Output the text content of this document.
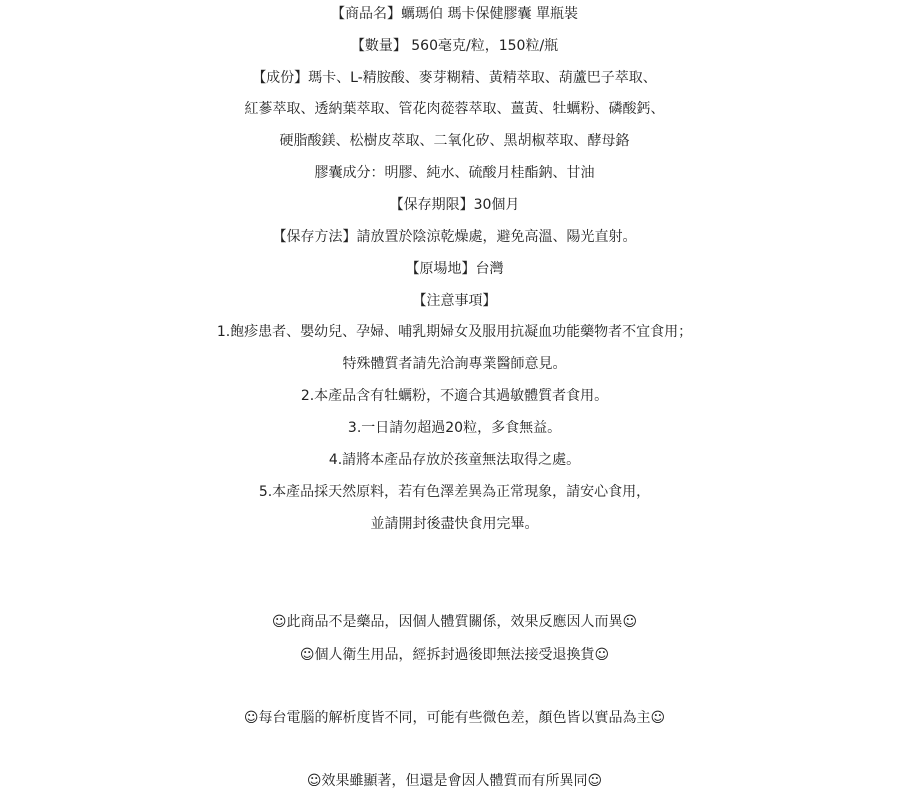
【商品名】蠣瑪伯 瑪卡保健膠囊 單瓶裝
【數量】 560毫克/粒，150粒/瓶
【成份】瑪卡、L-精胺酸、麥芽糊精、黃精萃取、葫蘆巴子萃取、
紅蔘萃取、透納葉萃取、管花肉蓯蓉萃取、薑黃、牡蠣粉、磷酸鈣、
硬脂酸鎂、松樹皮萃取、二氧化矽、黑胡椒萃取、酵母鉻
膠囊成分：明膠、純水、硫酸月桂酯鈉、甘油
【保存期限】30個月
【保存方法】請放置於陰涼乾燥處，避免高溫、陽光直射。
【原場地】台灣
【注意事項】
1.飽疹患者、嬰幼兒、孕婦、哺乳期婦女及服用抗凝血功能藥物者不宜食用；
特殊體質者請先洽詢專業醫師意見。
2.本產品含有牡蠣粉，不適合其過敏體質者食用。
3.一日請勿超過20粒，多食無益。
4.請將本產品存放於孩童無法取得之處。
5.本產品採天然原料，若有色澤差異為正常現象，請安心食用，
並請開封後盡快食用完畢。
☺此商品不是藥品，因個人體質關係，效果反應因人而異☺
☺個人衛生用品，經拆封過後即無法接受退換貨☺
☺每台電腦的解析度皆不同，可能有些微色差，顏色皆以實品為主☺
☺效果雖顯著，但還是會因人體質而有所異同☺
